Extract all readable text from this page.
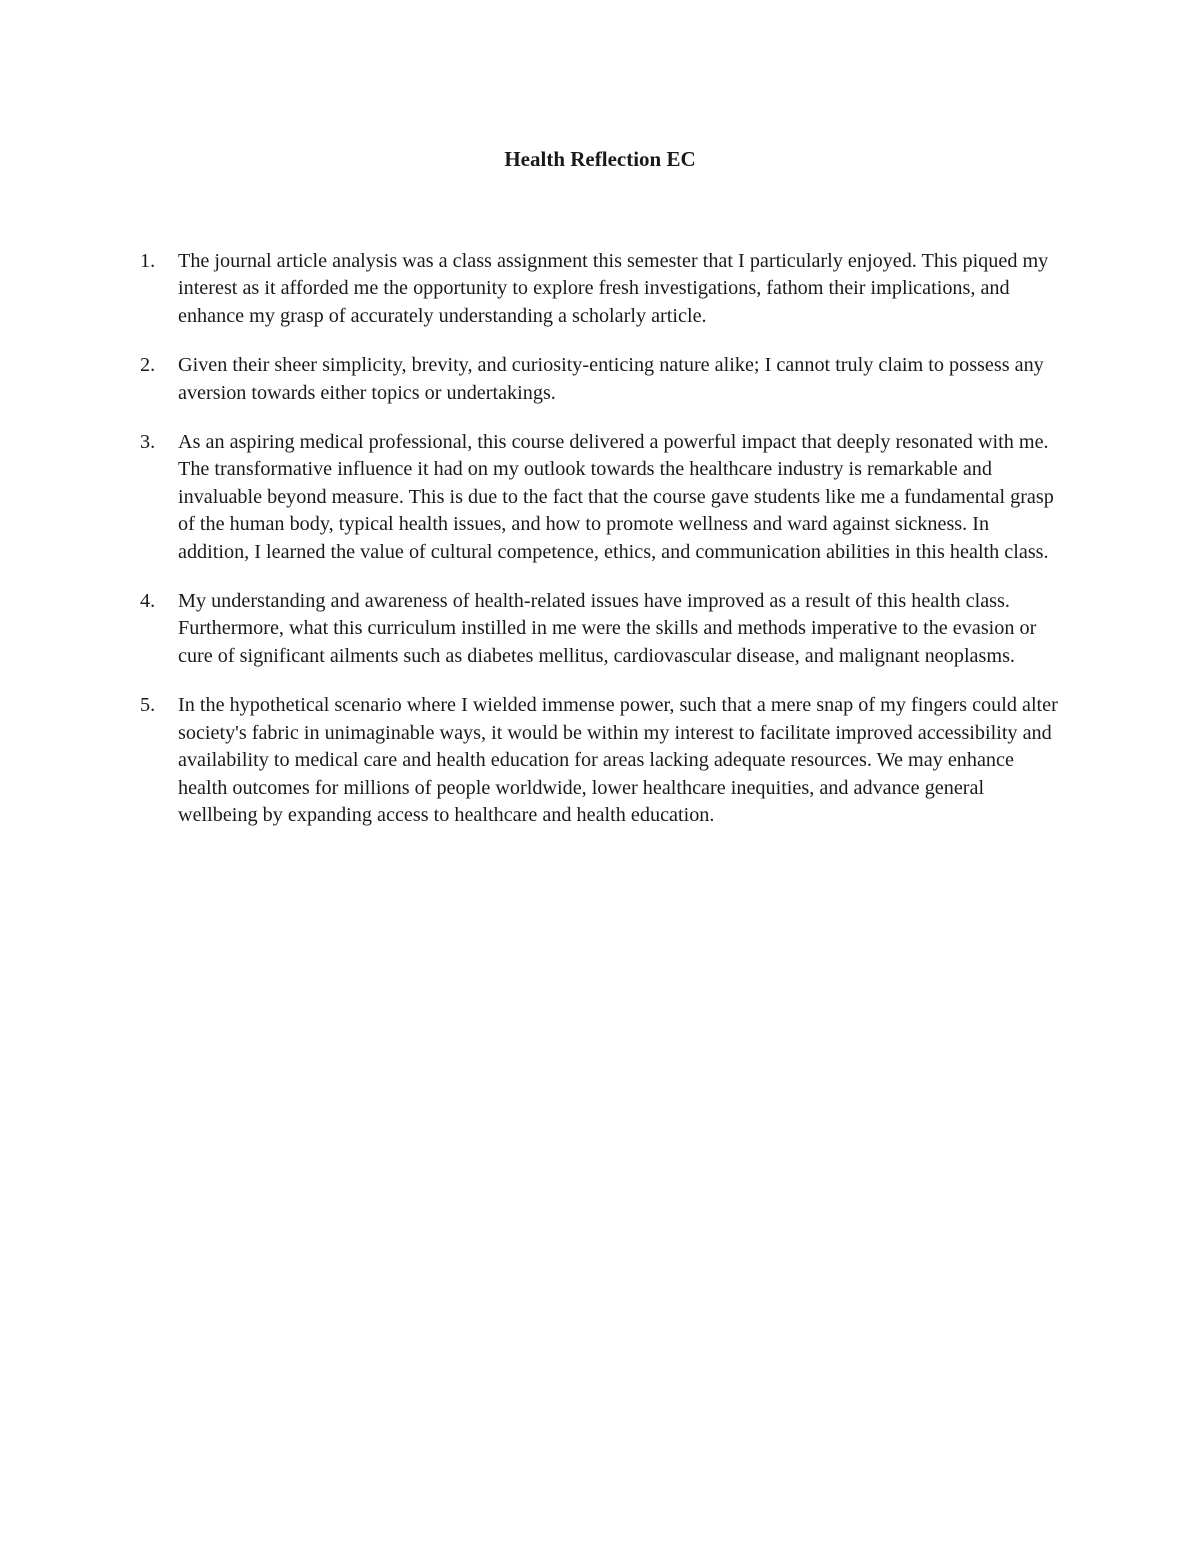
Health Reflection EC
1. The journal article analysis was a class assignment this semester that I particularly enjoyed. This piqued my interest as it afforded me the opportunity to explore fresh investigations, fathom their implications, and enhance my grasp of accurately understanding a scholarly article.
2. Given their sheer simplicity, brevity, and curiosity-enticing nature alike; I cannot truly claim to possess any aversion towards either topics or undertakings.
3. As an aspiring medical professional, this course delivered a powerful impact that deeply resonated with me. The transformative influence it had on my outlook towards the healthcare industry is remarkable and invaluable beyond measure. This is due to the fact that the course gave students like me a fundamental grasp of the human body, typical health issues, and how to promote wellness and ward against sickness. In addition, I learned the value of cultural competence, ethics, and communication abilities in this health class.
4. My understanding and awareness of health-related issues have improved as a result of this health class. Furthermore, what this curriculum instilled in me were the skills and methods imperative to the evasion or cure of significant ailments such as diabetes mellitus, cardiovascular disease, and malignant neoplasms.
5. In the hypothetical scenario where I wielded immense power, such that a mere snap of my fingers could alter society's fabric in unimaginable ways, it would be within my interest to facilitate improved accessibility and availability to medical care and health education for areas lacking adequate resources. We may enhance health outcomes for millions of people worldwide, lower healthcare inequities, and advance general wellbeing by expanding access to healthcare and health education.
